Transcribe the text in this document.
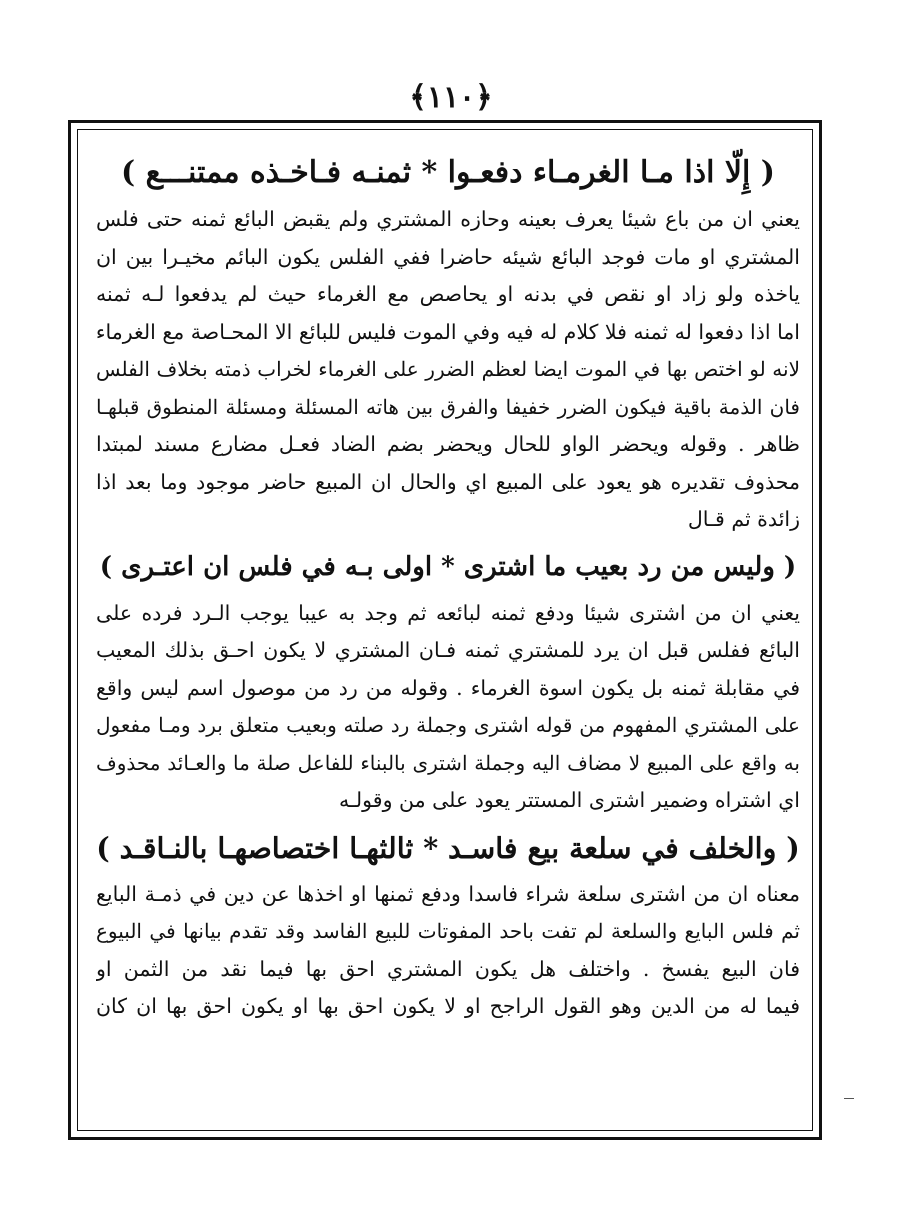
﴿١١٠﴾

( إِلّا اذا مـا الغرمـاء دفعـوا * ثمنـه فـاخـذه ممتنـــع )

يعني ان من باع شيئا يعرف بعينه وحازه المشتري ولم يقبض البائع ثمنه حتى فلس

المشتري او مات فوجد البائع شيئه حاضرا ففي الفلس يكون البائم مخيـرا بين ان

ياخذه ولو زاد او نقص في بدنه او يحاصص مع الغرماء حيث لم يدفعوا لـه ثمنه

اما اذا دفعوا له ثمنه فلا كلام له فيه وفي الموت فليس للبائع الا المحـاصة مع الغرماء

لانه لو اختص بها في الموت ايضا لعظم الضرر على الغرماء لخراب ذمته بخلاف الفلس

فان الذمة باقية فيكون الضرر خفيفا والفرق بين هاته المسئلة ومسئلة المنطوق قبلهـا

ظاهر . وقوله ويحضر الواو للحال ويحضر بضم الضاد فعـل مضارع مسند لمبتدا

محذوف تقديره هو يعود على المبيع اي والحال ان المبيع حاضر موجود وما بعد اذا

زائدة ثم قـال

( وليس من رد بعيب ما اشترى * اولى بـه في فلس ان اعتـرى )

يعني ان من اشترى شيئا ودفع ثمنه لبائعه ثم وجد به عيبا يوجب الـرد فرده على

البائع ففلس قبل ان يرد للمشتري ثمنه فـان المشتري لا يكون احـق بذلك المعيب

في مقابلة ثمنه بل يكون اسوة الغرماء . وقوله من رد من موصول اسم ليس واقع

على المشتري المفهوم من قوله اشترى وجملة رد صلته وبعيب متعلق برد ومـا مفعول

به واقع على المبيع لا مضاف اليه وجملة اشترى بالبناء للفاعل صلة ما والعـائد محذوف

اي اشتراه وضمير اشترى المستتر يعود على من وقولـه

( والخلف في سلعة بيع فاسـد * ثالثهـا اختصاصهـا بالنـاقـد )

معناه ان من اشترى سلعة شراء فاسدا ودفع ثمنها او اخذها عن دين في ذمـة البايع

ثم فلس البايع والسلعة لم تفت باحد المفوتات للبيع الفاسد وقد تقدم بيانها في البيوع

فان البيع يفسخ . واختلف هل يكون المشتري احق بها فيما نقد من الثمن او

فيما له من الدين وهو القول الراجح او لا يكون احق بها او يكون احق بها ان كان
